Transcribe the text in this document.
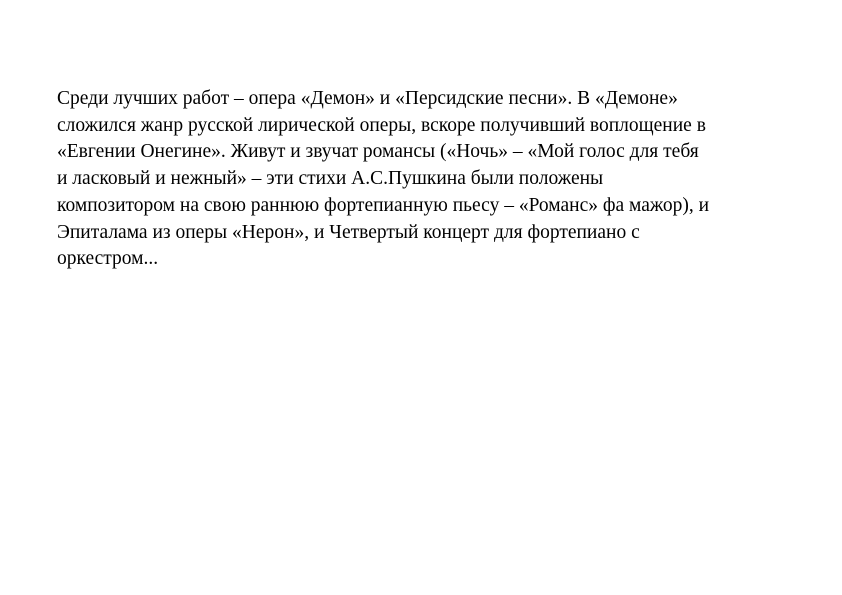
Среди лучших работ – опера «Демон» и «Персидские песни». В «Демоне»
сложился жанр русской лирической оперы, вскоре получивший воплощение в
«Евгении Онегине». Живут и звучат романсы («Ночь» – «Мой голос для тебя
и ласковый и нежный» – эти стихи А.С.Пушкина были положены
композитором на свою раннюю фортепианную пьесу – «Романс» фа мажор), и
Эпиталама из оперы «Нерон», и Четвертый концерт для фортепиано с
оркестром...
